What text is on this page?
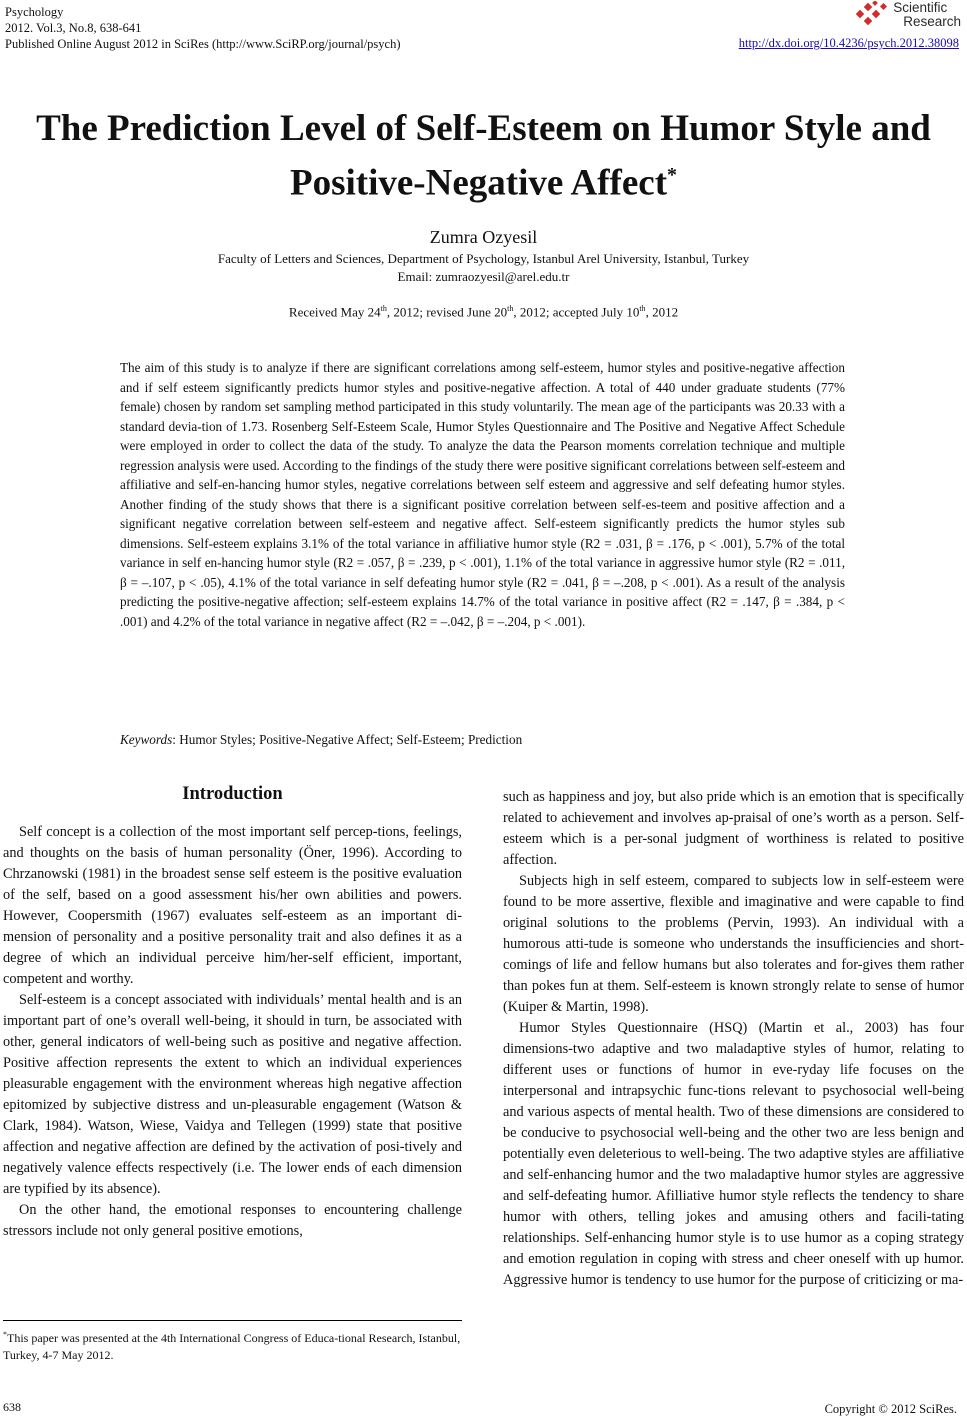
Psychology
2012. Vol.3, No.8, 638-641
Published Online August 2012 in SciRes (http://www.SciRP.org/journal/psych)
Scientific
Research
http://dx.doi.org/10.4236/psych.2012.38098
The Prediction Level of Self-Esteem on Humor Style and
Positive-Negative Affect*
Zumra Ozyesil
Faculty of Letters and Sciences, Department of Psychology, Istanbul Arel University, Istanbul, Turkey
Email: zumraozyesil@arel.edu.tr
Received May 24th, 2012; revised June 20th, 2012; accepted July 10th, 2012
The aim of this study is to analyze if there are significant correlations among self-esteem, humor styles and positive-negative affection and if self esteem significantly predicts humor styles and positive-negative affection. A total of 440 under graduate students (77% female) chosen by random set sampling method participated in this study voluntarily. The mean age of the participants was 20.33 with a standard devia-tion of 1.73. Rosenberg Self-Esteem Scale, Humor Styles Questionnaire and The Positive and Negative Affect Schedule were employed in order to collect the data of the study. To analyze the data the Pearson moments correlation technique and multiple regression analysis were used. According to the findings of the study there were positive significant correlations between self-esteem and affiliative and self-en-hancing humor styles, negative correlations between self esteem and aggressive and self defeating humor styles. Another finding of the study shows that there is a significant positive correlation between self-es-teem and positive affection and a significant negative correlation between self-esteem and negative affect. Self-esteem significantly predicts the humor styles sub dimensions. Self-esteem explains 3.1% of the total variance in affiliative humor style (R2 = .031, β = .176, p < .001), 5.7% of the total variance in self en-hancing humor style (R2 = .057, β = .239, p < .001), 1.1% of the total variance in aggressive humor style (R2 = .011, β = –.107, p < .05), 4.1% of the total variance in self defeating humor style (R2 = .041, β = –.208, p < .001). As a result of the analysis predicting the positive-negative affection; self-esteem explains 14.7% of the total variance in positive affect (R2 = .147, β = .384, p < .001) and 4.2% of the total variance in negative affect (R2 = –.042, β = –.204, p < .001).
Keywords: Humor Styles; Positive-Negative Affect; Self-Esteem; Prediction
Introduction

Self concept is a collection of the most important self percep-tions, feelings, and thoughts on the basis of human personality (Öner, 1996). According to Chrzanowski (1981) in the broadest sense self esteem is the positive evaluation of the self, based on a good assessment his/her own abilities and powers. However, Coopersmith (1967) evaluates self-esteem as an important di-mension of personality and a positive personality trait and also defines it as a degree of which an individual perceive him/her-self efficient, important, competent and worthy.

Self-esteem is a concept associated with individuals’ mental health and is an important part of one’s overall well-being, it should in turn, be associated with other, general indicators of well-being such as positive and negative affection. Positive affection represents the extent to which an individual experiences pleasurable engagement with the environment whereas high negative affection epitomized by subjective distress and un-pleasurable engagement (Watson & Clark, 1984). Watson, Wiese, Vaidya and Tellegen (1999) state that positive affection and negative affection are defined by the activation of posi-tively and negatively valence effects respectively (i.e. The lower ends of each dimension are typified by its absence).

On the other hand, the emotional responses to encountering challenge stressors include not only general positive emotions,

such as happiness and joy, but also pride which is an emotion that is specifically related to achievement and involves ap-praisal of one’s worth as a person. Self-esteem which is a per-sonal judgment of worthiness is related to positive affection.

Subjects high in self esteem, compared to subjects low in self-esteem were found to be more assertive, flexible and imaginative and were capable to find original solutions to the problems (Pervin, 1993). An individual with a humorous atti-tude is someone who understands the insufficiencies and short-comings of life and fellow humans but also tolerates and for-gives them rather than pokes fun at them. Self-esteem is known strongly relate to sense of humor (Kuiper & Martin, 1998).

Humor Styles Questionnaire (HSQ) (Martin et al., 2003) has four dimensions-two adaptive and two maladaptive styles of humor, relating to different uses or functions of humor in eve-ryday life focuses on the interpersonal and intrapsychic func-tions relevant to psychosocial well-being and various aspects of mental health. Two of these dimensions are considered to be conducive to psychosocial well-being and the other two are less benign and potentially even deleterious to well-being. The two adaptive styles are affiliative and self-enhancing humor and the two maladaptive humor styles are aggressive and self-defeating humor. Afilliative humor style reflects the tendency to share humor with others, telling jokes and amusing others and facili-tating relationships. Self-enhancing humor style is to use humor as a coping strategy and emotion regulation in coping with stress and cheer oneself with up humor. Aggressive humor is tendency to use humor for the purpose of criticizing or ma-

*This paper was presented at the 4th International Congress of Educa-tional Research, Istanbul, Turkey, 4-7 May 2012.
638	Copyright © 2012 SciRes.
